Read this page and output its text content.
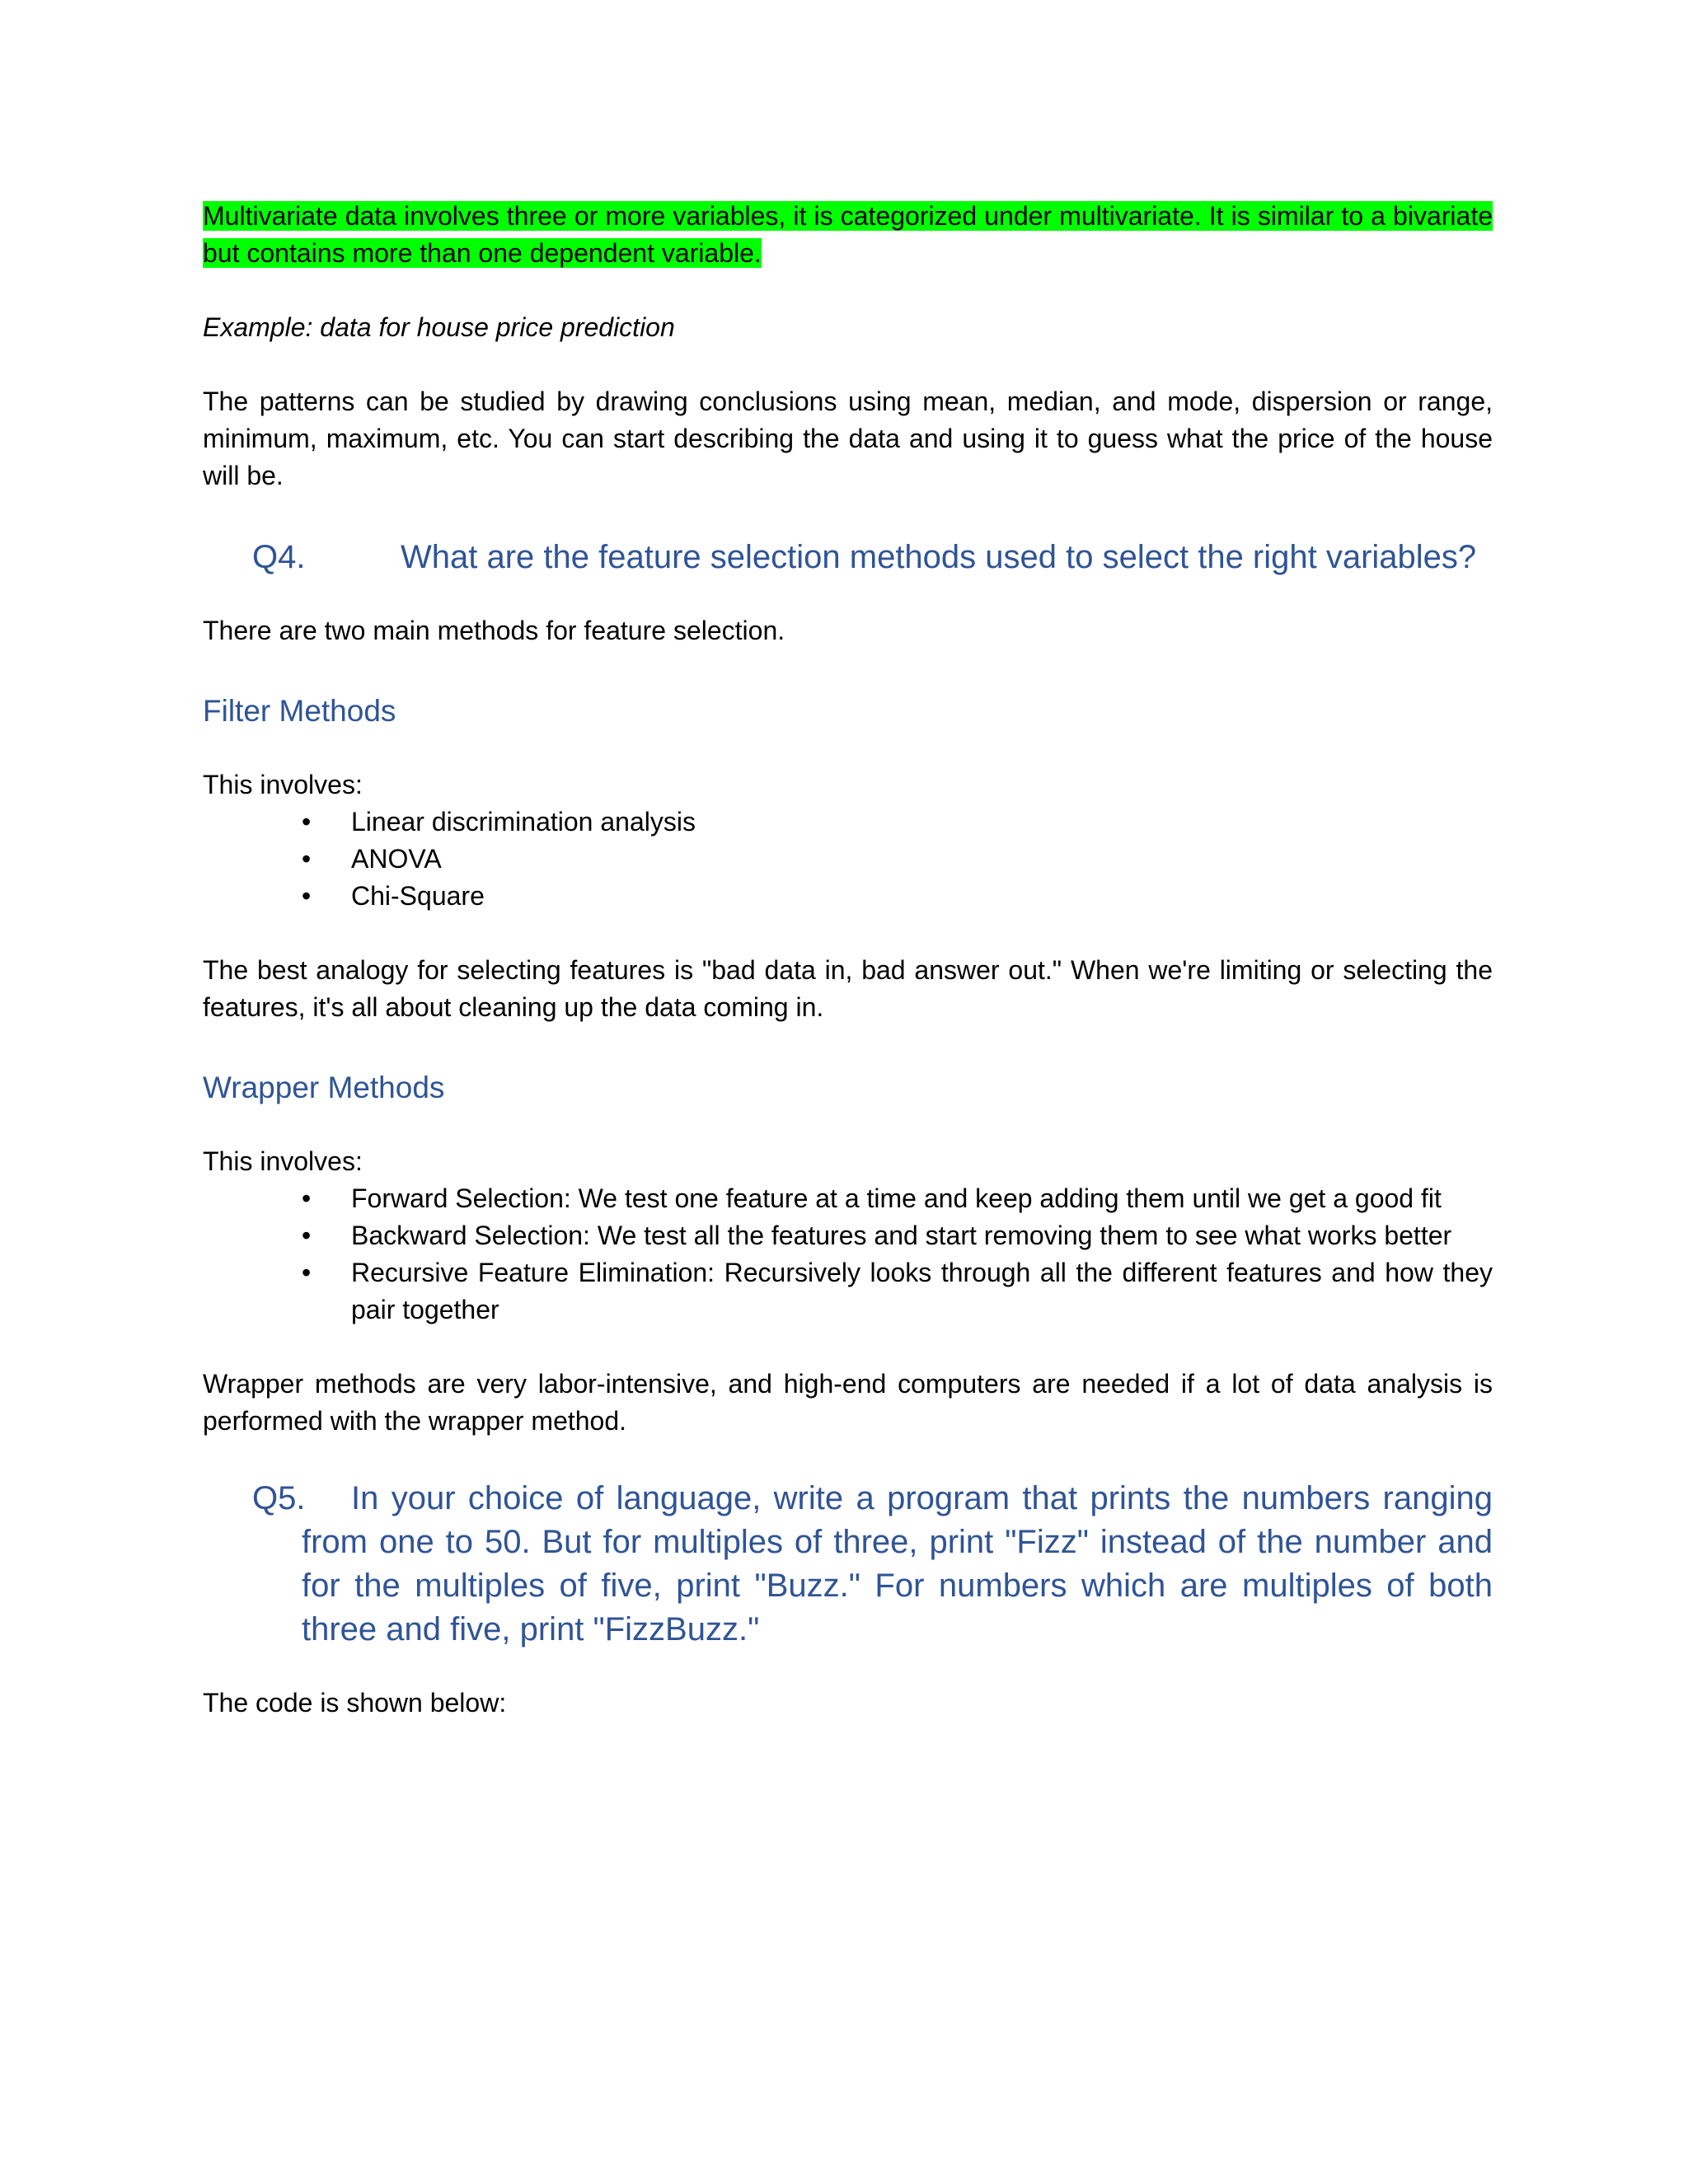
Multivariate data involves three or more variables, it is categorized under multivariate. It is similar to a bivariate but contains more than one dependent variable.

Example: data for house price prediction

The patterns can be studied by drawing conclusions using mean, median, and mode, dispersion or range, minimum, maximum, etc. You can start describing the data and using it to guess what the price of the house will be.

Q4.	What are the feature selection methods used to select the right variables?

There are two main methods for feature selection.

Filter Methods

This involves:

• Linear discrimination analysis
• ANOVA
• Chi-Square

The best analogy for selecting features is "bad data in, bad answer out." When we're limiting or selecting the features, it's all about cleaning up the data coming in.

Wrapper Methods

This involves:

• Forward Selection: We test one feature at a time and keep adding them until we get a good fit
• Backward Selection: We test all the features and start removing them to see what works better
• Recursive Feature Elimination: Recursively looks through all the different features and how they pair together

Wrapper methods are very labor-intensive, and high-end computers are needed if a lot of data analysis is performed with the wrapper method.

Q5. In your choice of language, write a program that prints the numbers ranging from one to 50. But for multiples of three, print "Fizz" instead of the number and for the multiples of five, print "Buzz." For numbers which are multiples of both three and five, print "FizzBuzz."

The code is shown below:
